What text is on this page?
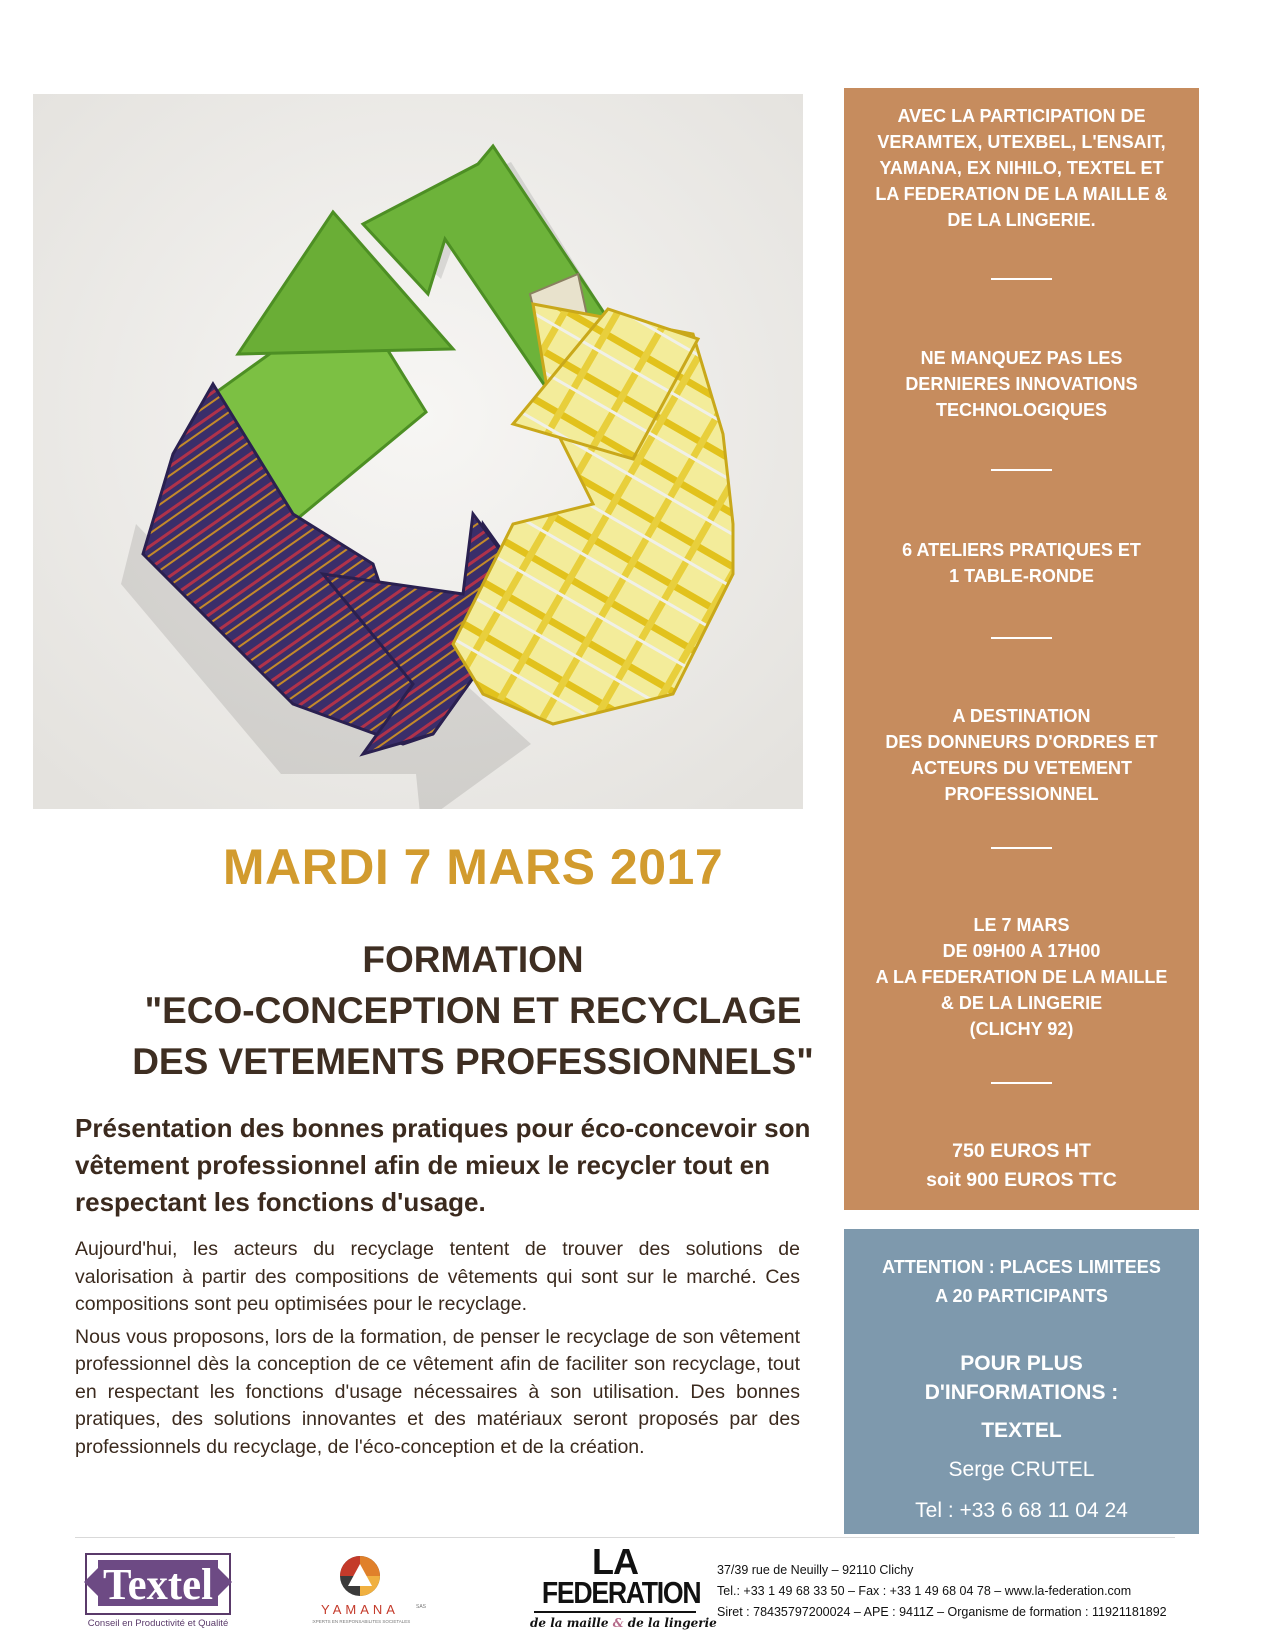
MARDI 7 MARS 2017
FORMATION
"ECO-CONCEPTION ET RECYCLAGE
DES VETEMENTS PROFESSIONNELS"
Présentation des bonnes pratiques pour éco-concevoir son vêtement professionnel afin de mieux le recycler tout en respectant les fonctions d'usage.

Aujourd'hui, les acteurs du recyclage tentent de trouver des solutions de valorisation à partir des compositions de vêtements qui sont sur le marché. Ces compositions sont peu optimisées pour le recyclage.

Nous vous proposons, lors de la formation, de penser le recyclage de son vêtement professionnel dès la conception de ce vêtement afin de faciliter son recyclage, tout en respectant les fonctions d'usage nécessaires à son utilisation. Des bonnes pratiques, des solutions innovantes et des matériaux seront proposés par des professionnels du recyclage, de l'éco-conception et de la création.

AVEC LA PARTICIPATION DE
VERAMTEX, UTEXBEL, L'ENSAIT,
YAMANA, EX NIHILO, TEXTEL ET
LA FEDERATION DE LA MAILLE &
DE LA LINGERIE.
NE MANQUEZ PAS LES
DERNIERES INNOVATIONS
TECHNOLOGIQUES
6 ATELIERS PRATIQUES ET
1 TABLE-RONDE
A DESTINATION
DES DONNEURS D'ORDRES ET
ACTEURS DU VETEMENT
PROFESSIONNEL
LE 7 MARS
DE 09H00 A 17H00
A LA FEDERATION DE LA MAILLE
& DE LA LINGERIE
(CLICHY 92)
750 EUROS HT
soit 900 EUROS TTC
ATTENTION : PLACES LIMITEES
A 20 PARTICIPANTS
POUR PLUS
D'INFORMATIONS :
TEXTEL
Serge CRUTEL
Tel : +33 6 68 11 04 24
Textel
Conseil en Productivité et Qualité
YAMANA	SAS
EXPERTS EN RESPONSABILITES SOCIETALES
LA
FEDERATION
de la maille & de la lingerie
37/39 rue de Neuilly – 92110 Clichy
Tel.: +33 1 49 68 33 50 – Fax : +33 1 49 68 04 78 – www.la-federation.com
Siret : 78435797200024 – APE : 9411Z – Organisme de formation : 11921181892
